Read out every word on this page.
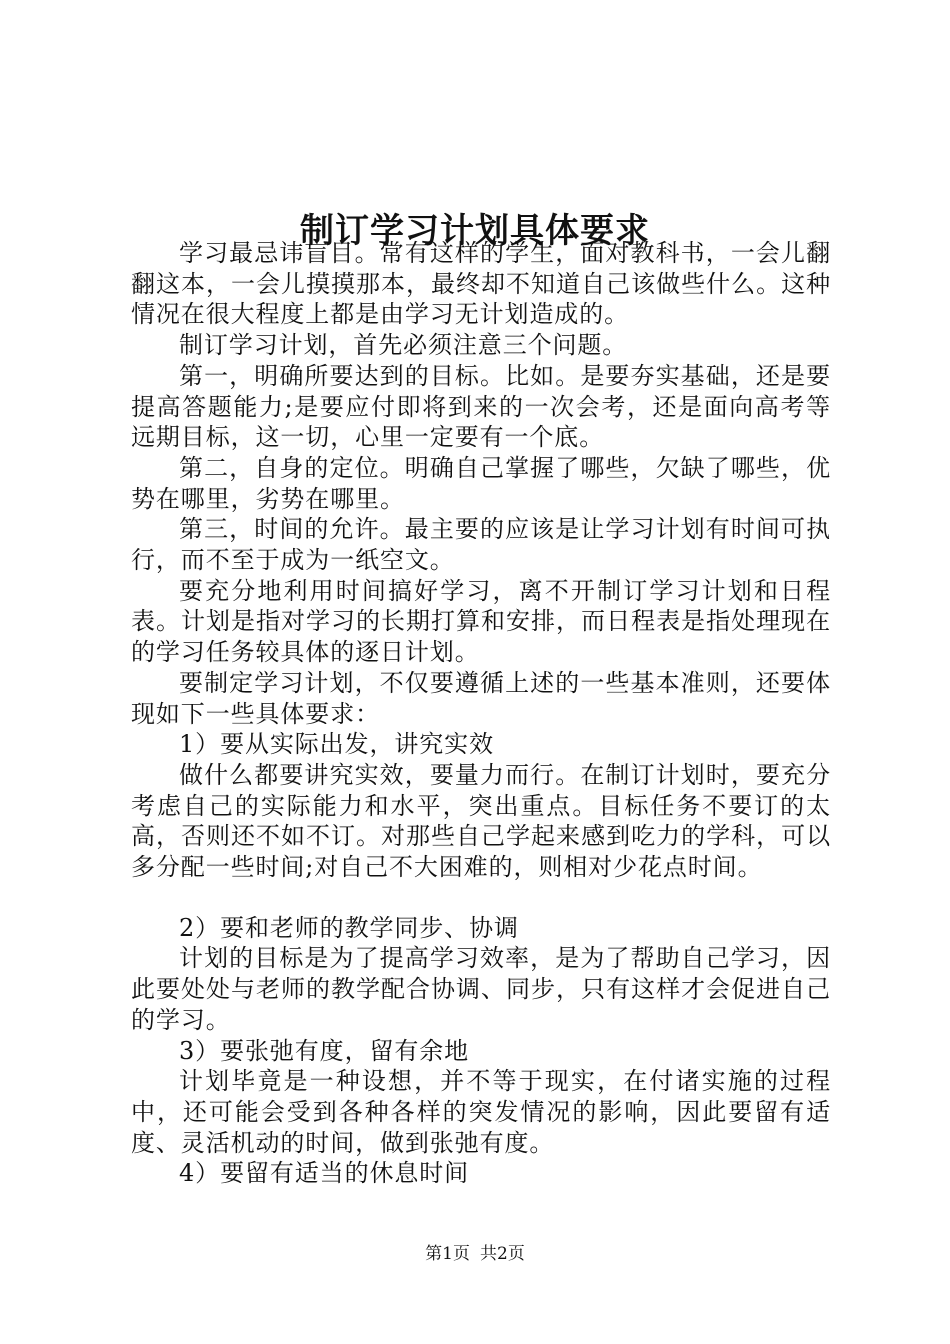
制订学习计划具体要求

学习最忌讳盲目。常有这样的学生，面对教科书，一会儿翻翻这本，一会儿摸摸那本，最终却不知道自己该做些什么。这种情况在很大程度上都是由学习无计划造成的。

制订学习计划，首先必须注意三个问题。

第一，明确所要达到的目标。比如。是要夯实基础，还是要提高答题能力;是要应付即将到来的一次会考，还是面向高考等远期目标，这一切，心里一定要有一个底。

第二，自身的定位。明确自己掌握了哪些，欠缺了哪些，优势在哪里，劣势在哪里。

第三，时间的允许。最主要的应该是让学习计划有时间可执行，而不至于成为一纸空文。

要充分地利用时间搞好学习，离不开制订学习计划和日程表。计划是指对学习的长期打算和安排，而日程表是指处理现在的学习任务较具体的逐日计划。

要制定学习计划，不仅要遵循上述的一些基本准则，还要体现如下一些具体要求：

1）要从实际出发，讲究实效

做什么都要讲究实效，要量力而行。在制订计划时，要充分考虑自己的实际能力和水平，突出重点。目标任务不要订的太高，否则还不如不订。对那些自己学起来感到吃力的学科，可以多分配一些时间;对自己不大困难的，则相对少花点时间。

2）要和老师的教学同步、协调

计划的目标是为了提高学习效率，是为了帮助自己学习，因此要处处与老师的教学配合协调、同步，只有这样才会促进自己的学习。

3）要张弛有度，留有余地

计划毕竟是一种设想，并不等于现实，在付诸实施的过程中，还可能会受到各种各样的突发情况的影响，因此要留有适度、灵活机动的时间，做到张弛有度。

4）要留有适当的休息时间

第1页 共2页
